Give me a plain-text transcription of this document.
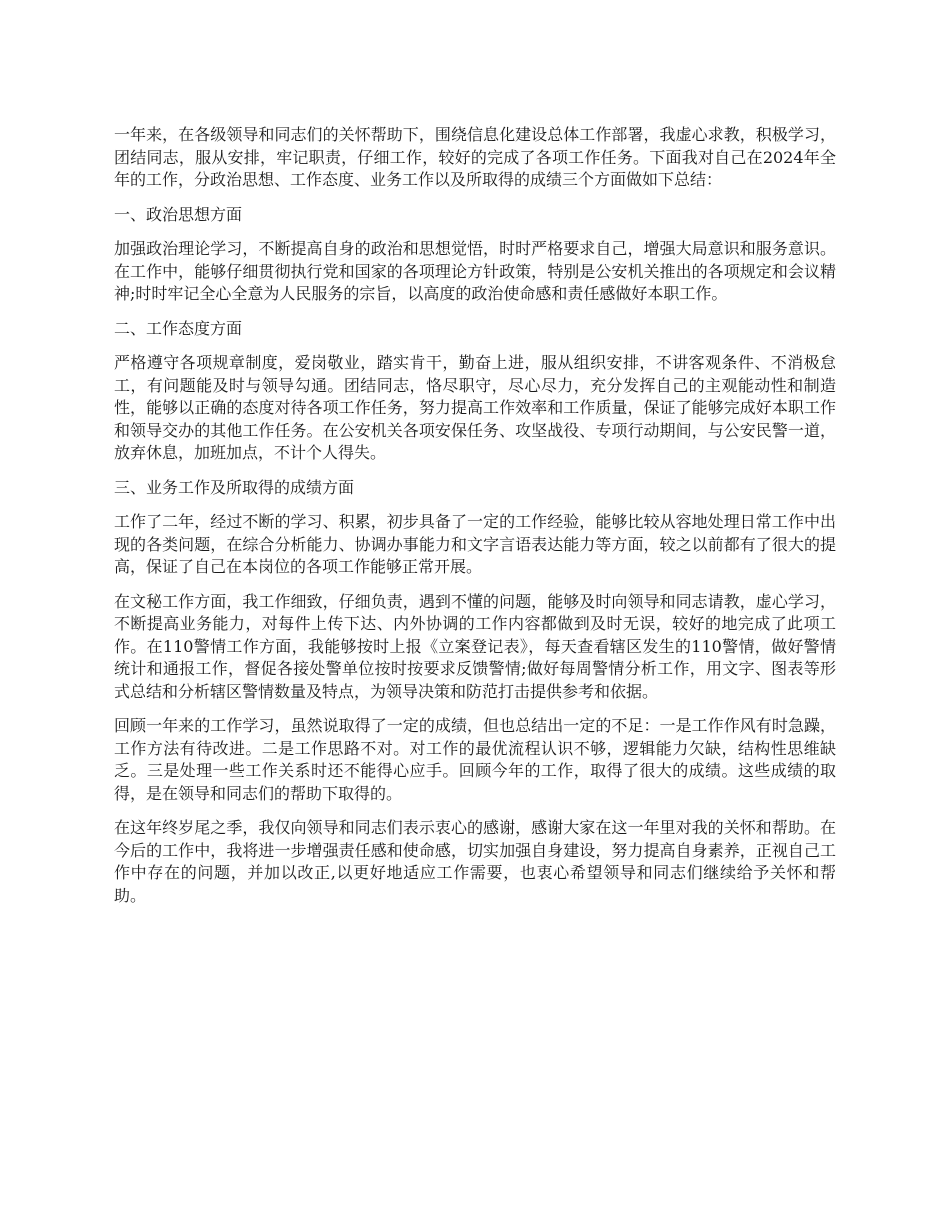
一年来，在各级领导和同志们的关怀帮助下，围绕信息化建设总体工作部署，我虚心求教，积极学习，团结同志，服从安排，牢记职责，仔细工作，较好的完成了各项工作任务。下面我对自己在2024年全年的工作，分政治思想、工作态度、业务工作以及所取得的成绩三个方面做如下总结：

一、政治思想方面

加强政治理论学习，不断提高自身的政治和思想觉悟，时时严格要求自己，增强大局意识和服务意识。在工作中，能够仔细贯彻执行党和国家的各项理论方针政策，特别是公安机关推出的各项规定和会议精神;时时牢记全心全意为人民服务的宗旨，以高度的政治使命感和责任感做好本职工作。

二、工作态度方面

严格遵守各项规章制度，爱岗敬业，踏实肯干，勤奋上进，服从组织安排，不讲客观条件、不消极怠工，有问题能及时与领导勾通。团结同志，恪尽职守，尽心尽力，充分发挥自己的主观能动性和制造性，能够以正确的态度对待各项工作任务，努力提高工作效率和工作质量，保证了能够完成好本职工作和领导交办的其他工作任务。在公安机关各项安保任务、攻坚战役、专项行动期间，与公安民警一道，放弃休息，加班加点，不计个人得失。

三、业务工作及所取得的成绩方面

工作了二年，经过不断的学习、积累，初步具备了一定的工作经验，能够比较从容地处理日常工作中出现的各类问题，在综合分析能力、协调办事能力和文字言语表达能力等方面，较之以前都有了很大的提高，保证了自己在本岗位的各项工作能够正常开展。

在文秘工作方面，我工作细致，仔细负责，遇到不懂的问题，能够及时向领导和同志请教，虚心学习，不断提高业务能力，对每件上传下达、内外协调的工作内容都做到及时无误，较好的地完成了此项工作。在110警情工作方面，我能够按时上报《立案登记表》，每天查看辖区发生的110警情，做好警情统计和通报工作，督促各接处警单位按时按要求反馈警情;做好每周警情分析工作，用文字、图表等形式总结和分析辖区警情数量及特点，为领导决策和防范打击提供参考和依据。

回顾一年来的工作学习，虽然说取得了一定的成绩，但也总结出一定的不足：一是工作作风有时急躁，工作方法有待改进。二是工作思路不对。对工作的最优流程认识不够，逻辑能力欠缺，结构性思维缺乏。三是处理一些工作关系时还不能得心应手。回顾今年的工作，取得了很大的成绩。这些成绩的取得，是在领导和同志们的帮助下取得的。

在这年终岁尾之季，我仅向领导和同志们表示衷心的感谢，感谢大家在这一年里对我的关怀和帮助。在今后的工作中，我将进一步增强责任感和使命感，切实加强自身建设，努力提高自身素养，正视自己工作中存在的问题，并加以改正,以更好地适应工作需要，也衷心希望领导和同志们继续给予关怀和帮助。
